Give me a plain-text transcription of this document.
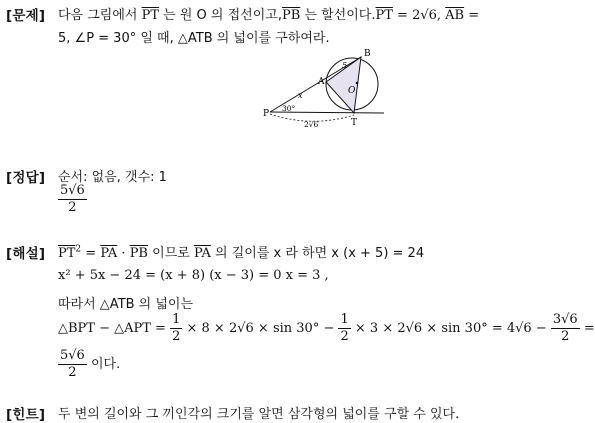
[문제] 다음 그림에서 $\overline{PT}$ 는 원 O 의 접선이고$,\overline{PB}$ 는 할선이다$.\overline{PT} = 2√6$, $\overline{AB}$ =
5, ∠P = 30° 일 때, △ATB 의 넓이를 구하여라.
B
A
O
P
T
5
30°
x
2√6
[정답] 순서: 없음, 갯수: 1
$\frac{5√6}{2}$
[해설] $\overline{PT}^2 = \overline{PA} \cdot \overline{PB}$ 이므로 $\overline{PA}$ 의 길이를 x 라 하면 x (x + 5) = 24
x² + 5x − 24 = (x + 8) (x − 3) = 0 x = 3 ,
따라서 △ATB 의 넓이는
△BPT − △APT = $\frac{1}{2} \times 8 \times 2√6 \times \sin 30^\circ - \frac{1}{2} \times 3 \times 2√6 \times \sin 30^\circ = 4√6 - \frac{3√6}{2}$ =
$\frac{5√6}{2}$ 이다.
[힌트] 두 변의 길이와 그 끼인각의 크기를 알면 삼각형의 넓이를 구할 수 있다.
